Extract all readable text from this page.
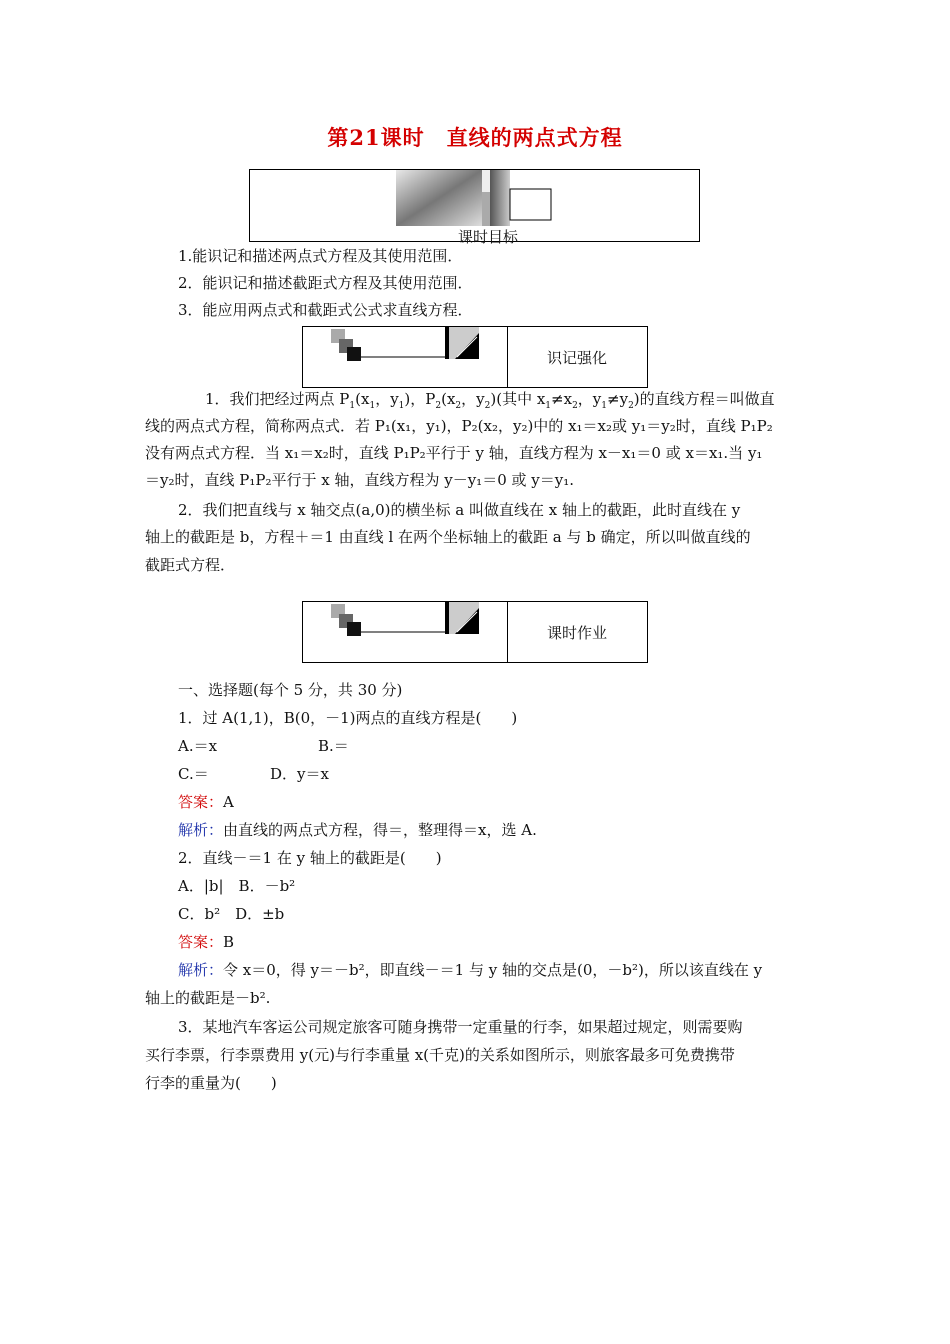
第21课时　直线的两点式方程
课时目标
1.能识记和描述两点式方程及其使用范围．
2．能识记和描述截距式方程及其使用范围．
3．能应用两点式和截距式公式求直线方程．
识记强化
1．我们把经过两点 $P_1(x_1$，$y_1$)，$P_2(x_2$，$y_2$)(其中 $x_1\ne x_2$，$y_1\ne y_2$)的直线方程＝叫做直
线的两点式方程，简称两点式．若 P₁(x₁，y₁)，P₂(x₂，y₂)中的 x₁＝x₂或 y₁＝y₂时，直线 P₁P₂
没有两点式方程．当 x₁＝x₂时，直线 P₁P₂平行于 y 轴，直线方程为 x－x₁＝0 或 x＝x₁.当 y₁
＝y₂时，直线 P₁P₂平行于 x 轴，直线方程为 y－y₁＝0 或 y＝y₁.
2．我们把直线与 x 轴交点(a,0)的横坐标 a 叫做直线在 x 轴上的截距，此时直线在 y
轴上的截距是 b，方程＋＝1 由直线 l 在两个坐标轴上的截距 a 与 b 确定，所以叫做直线的
截距式方程．
课时作业
一、选择题(每个 5 分，共 30 分)
1．过 A(1,1)，B(0，－1)两点的直线方程是(　　)
A.＝x	B.＝
C.＝	D．y＝x
答案：A
解析：由直线的两点式方程，得＝，整理得＝x，选 A.
2．直线－＝1 在 y 轴上的截距是(　　)
A．|b|　B．－b²
C．b²　D．±b
答案：B
解析：令 x＝0，得 y＝－b²，即直线－＝1 与 y 轴的交点是(0，－b²)，所以该直线在 y
轴上的截距是－b².
3．某地汽车客运公司规定旅客可随身携带一定重量的行李，如果超过规定，则需要购
买行李票，行李票费用 y(元)与行李重量 x(千克)的关系如图所示，则旅客最多可免费携带
行李的重量为(　　)
